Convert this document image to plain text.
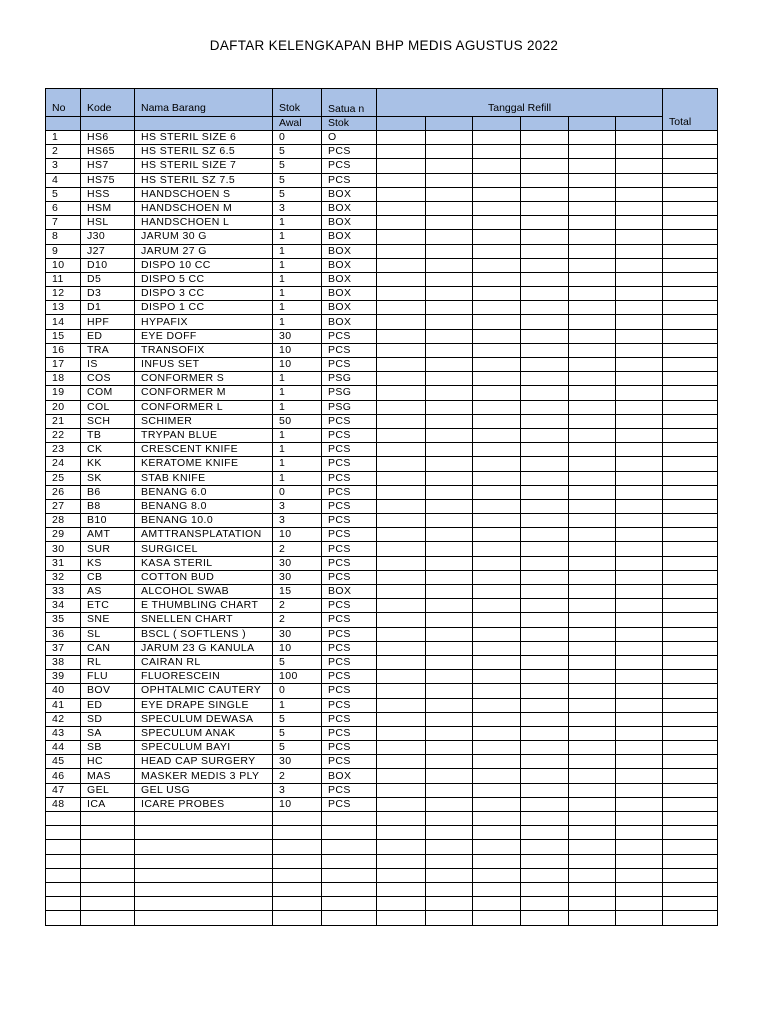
DAFTAR KELENGKAPAN BHP MEDIS AGUSTUS 2022
No	Kode	Nama Barang	Stok	Satua n	Tanggal Refill						Total
			Awal	Stok							
1	HS6	HS STERIL SIZE 6	0	O							
2	HS65	HS STERIL SZ 6.5	5	PCS							
3	HS7	HS STERIL SIZE 7	5	PCS							
4	HS75	HS STERIL SZ 7.5	5	PCS							
5	HSS	HANDSCHOEN S	5	BOX							
6	HSM	HANDSCHOEN M	3	BOX							
7	HSL	HANDSCHOEN L	1	BOX							
8	J30	JARUM 30 G	1	BOX							
9	J27	JARUM 27 G	1	BOX							
10	D10	DISPO 10 CC	1	BOX							
11	D5	DISPO 5 CC	1	BOX							
12	D3	DISPO 3 CC	1	BOX							
13	D1	DISPO 1 CC	1	BOX							
14	HPF	HYPAFIX	1	BOX							
15	ED	EYE DOFF	30	PCS							
16	TRA	TRANSOFIX	10	PCS							
17	IS	INFUS SET	10	PCS							
18	COS	CONFORMER S	1	PSG							
19	COM	CONFORMER M	1	PSG							
20	COL	CONFORMER L	1	PSG							
21	SCH	SCHIMER	50	PCS							
22	TB	TRYPAN BLUE	1	PCS							
23	CK	CRESCENT KNIFE	1	PCS							
24	KK	KERATOME KNIFE	1	PCS							
25	SK	STAB KNIFE	1	PCS							
26	B6	BENANG 6.0	0	PCS							
27	B8	BENANG 8.0	3	PCS							
28	B10	BENANG 10.0	3	PCS							
29	AMT	AMTTRANSPLATATION	10	PCS							
30	SUR	SURGICEL	2	PCS							
31	KS	KASA STERIL	30	PCS							
32	CB	COTTON BUD	30	PCS							
33	AS	ALCOHOL SWAB	15	BOX							
34	ETC	E THUMBLING CHART	2	PCS							
35	SNE	SNELLEN CHART	2	PCS							
36	SL	BSCL ( SOFTLENS )	30	PCS							
37	CAN	JARUM 23 G KANULA	10	PCS							
38	RL	CAIRAN RL	5	PCS							
39	FLU	FLUORESCEIN	100	PCS							
40	BOV	OPHTALMIC CAUTERY	0	PCS							
41	ED	EYE DRAPE SINGLE	1	PCS							
42	SD	SPECULUM DEWASA	5	PCS							
43	SA	SPECULUM ANAK	5	PCS							
44	SB	SPECULUM BAYI	5	PCS							
45	HC	HEAD CAP SURGERY	30	PCS							
46	MAS	MASKER MEDIS 3 PLY	2	BOX							
47	GEL	GEL USG	3	PCS							
48	ICA	ICARE PROBES	10	PCS							
